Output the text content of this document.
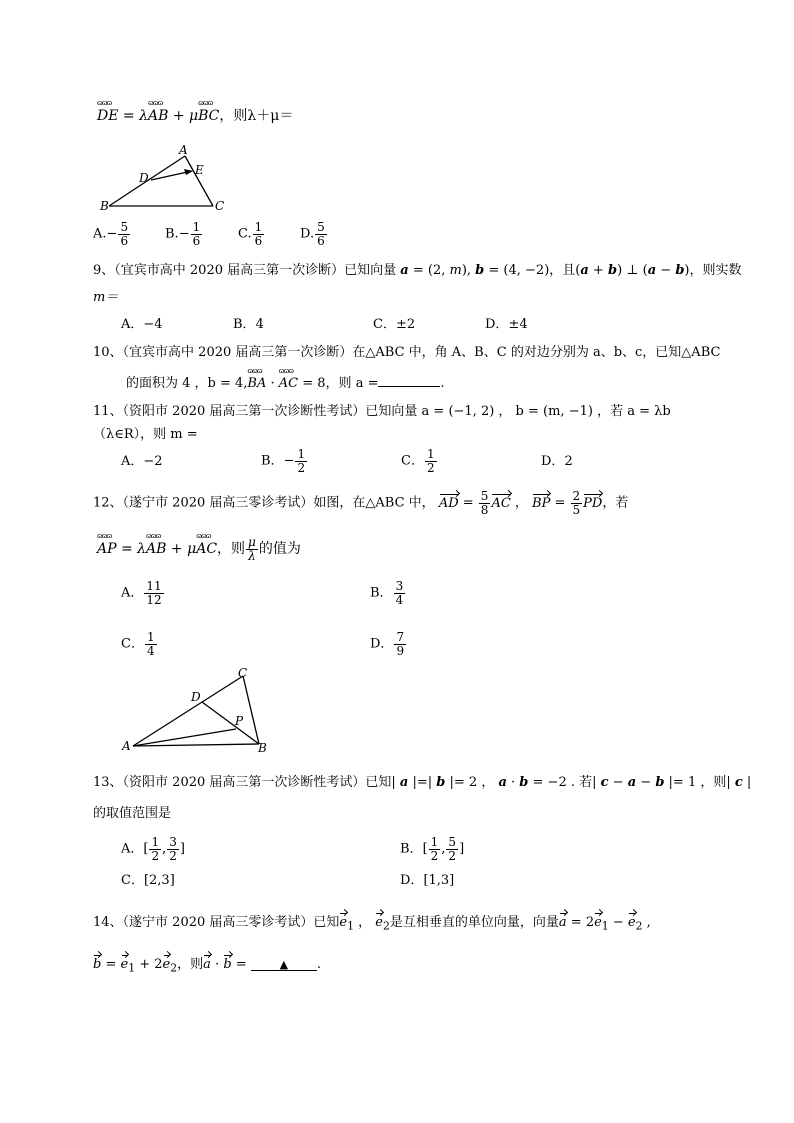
ɷɷɷ DE = λɷɷɷ AB + μɷɷɷ BC，则λ＋μ＝
A
B	C
D
E
$A.- \frac{5}{6}$	$B.- \frac{1}{6}$	C. $\frac{1}{6}$	D. $\frac{5}{6}$
9、（宜宾市高中 2020 届高三第一次诊断）已知向量 a = (2, m), b = (4, −2)，且(a + b) ⊥ (a − b)，则实数
m＝
A．−4	B．4	C．±2	D．±4
10、（宜宾市高中 2020 届高三第一次诊断）在△ABC 中，角 A、B、C 的对边分别为 a、b、c，已知△ABC
的面积为 4 ，b = 4,ɷɷɷ BA · ɷɷɷ AC = 8，则 a =	.
11、（资阳市 2020 届高三第一次诊断性考试）已知向量 a = (−1, 2) ， b = (m, −1) ，若 a = λb
（λ∈R），则 m =
A．−2	B．− $\frac{1}{2}$	C． $\frac{1}{2}$	D．2
12、（遂宁市 2020 届高三零诊考试）如图，在△ABC 中， AD = $\frac{5}{8}$ AC ， BP = $\frac{2}{5}$ PD，若
ɷɷɷ AP = λɷɷɷ AB + μɷɷɷ AC，则 $\frac{\mu}{\lambda}$ 的值为
A． $\frac{11}{12}$	B． $\frac{3}{4}$
C． $\frac{1}{4}$	D． $\frac{7}{9}$
A	B
C
D
P
13、（资阳市 2020 届高三第一次诊断性考试）已知| a |=| b |= 2 ， a · b = −2 . 若| c − a − b |= 1 ，则| c |
的取值范围是
A．[ $\frac{1}{2}$ , $\frac{3}{2}$ ]	B．[ $\frac{1}{2}$ , $\frac{5}{2}$ ]
C．[2,3]	D．[1,3]
14、（遂宁市 2020 届高三零诊考试）已知$e_1$ ， $e_2$是互相垂直的单位向量，向量$a = 2e_1 - e_2$ ,
$b = e_1 + 2e_2$，则a · b =	▲ .
